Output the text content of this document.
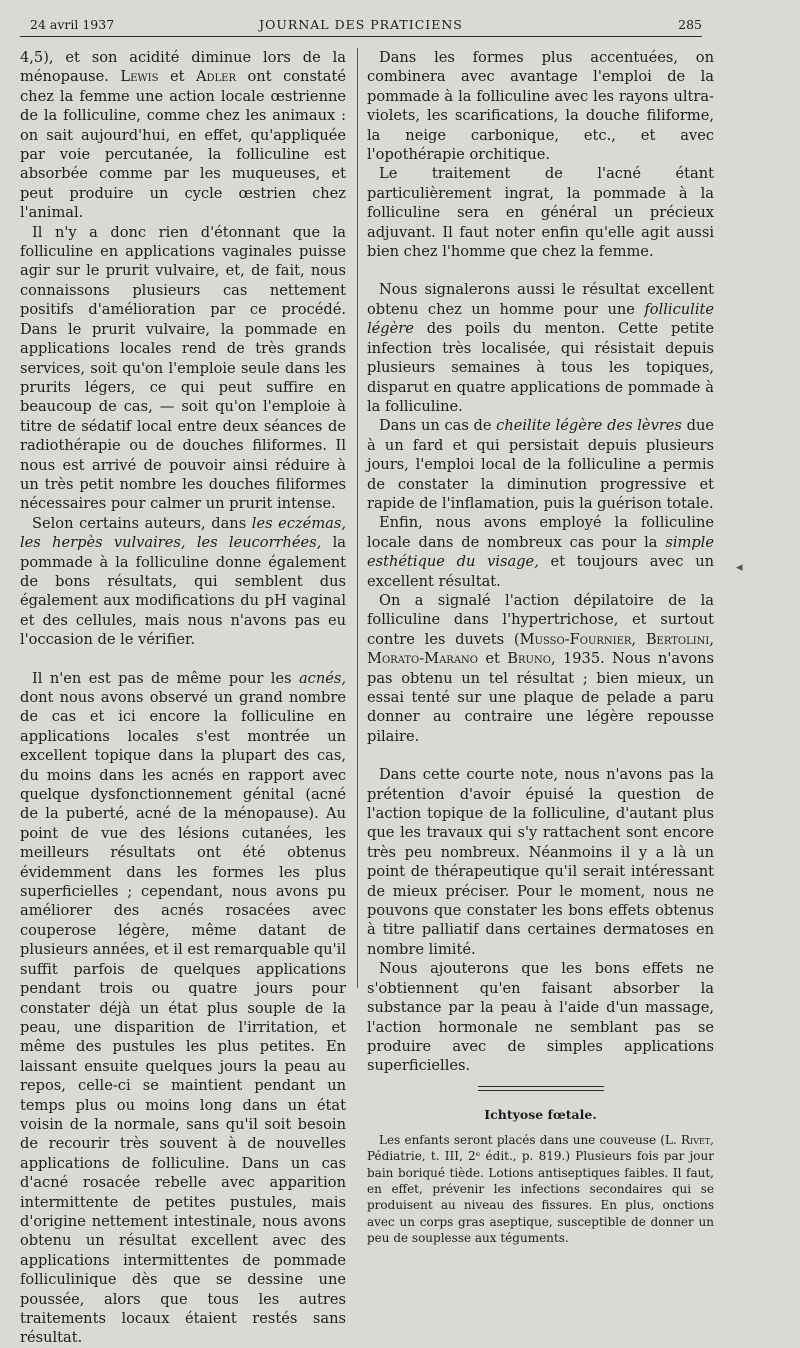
24 avril 1937	JOURNAL DES PRATICIENS	285

4,5), et son acidité diminue lors de la ménopause. Lewis et Adler ont constaté chez la femme une action locale œstrienne de la folliculine, comme chez les animaux : on sait aujourd'hui, en effet, qu'appliquée par voie percutanée, la folliculine est absorbée comme par les muqueuses, et peut produire un cycle œstrien chez l'animal.

Il n'y a donc rien d'étonnant que la folliculine en applications vaginales puisse agir sur le prurit vulvaire, et, de fait, nous connaissons plusieurs cas nettement positifs d'amélioration par ce procédé. Dans le prurit vulvaire, la pommade en applications locales rend de très grands services, soit qu'on l'emploie seule dans les prurits légers, ce qui peut suffire en beaucoup de cas, — soit qu'on l'emploie à titre de sédatif local entre deux séances de radiothérapie ou de douches filiformes. Il nous est arrivé de pouvoir ainsi réduire à un très petit nombre les douches filiformes nécessaires pour calmer un prurit intense.

Selon certains auteurs, dans les eczémas, les herpès vulvaires, les leucorrhées, la pommade à la folliculine donne également de bons résultats, qui semblent dus également aux modifications du pH vaginal et des cellules, mais nous n'avons pas eu l'occasion de le vérifier.

Il n'en est pas de même pour les acnés, dont nous avons observé un grand nombre de cas et ici encore la folliculine en applications locales s'est montrée un excellent topique dans la plupart des cas, du moins dans les acnés en rapport avec quelque dysfonctionnement génital (acné de la puberté, acné de la ménopause). Au point de vue des lésions cutanées, les meilleurs résultats ont été obtenus évidemment dans les formes les plus superficielles ; cependant, nous avons pu améliorer des acnés rosacées avec couperose légère, même datant de plusieurs années, et il est remarquable qu'il suffit parfois de quelques applications pendant trois ou quatre jours pour constater déjà un état plus souple de la peau, une disparition de l'irritation, et même des pustules les plus petites. En laissant ensuite quelques jours la peau au repos, celle-ci se maintient pendant un temps plus ou moins long dans un état voisin de la normale, sans qu'il soit besoin de recourir très souvent à de nouvelles applications de folliculine. Dans un cas d'acné rosacée rebelle avec apparition intermittente de petites pustules, mais d'origine nettement intestinale, nous avons obtenu un résultat excellent avec des applications intermittentes de pommade folliculinique dès que se dessine une poussée, alors que tous les autres traitements locaux étaient restés sans résultat.

Dans les formes plus accentuées, on combinera avec avantage l'emploi de la pommade à la folliculine avec les rayons ultra-violets, les scarifications, la douche filiforme, la neige carbonique, etc., et avec l'opothérapie orchitique.

Le traitement de l'acné étant particulièrement ingrat, la pommade à la folliculine sera en général un précieux adjuvant. Il faut noter enfin qu'elle agit aussi bien chez l'homme que chez la femme.

Nous signalerons aussi le résultat excellent obtenu chez un homme pour une folliculite légère des poils du menton. Cette petite infection très localisée, qui résistait depuis plusieurs semaines à tous les topiques, disparut en quatre applications de pommade à la folliculine.

Dans un cas de cheilite légère des lèvres due à un fard et qui persistait depuis plusieurs jours, l'emploi local de la folliculine a permis de constater la diminution progressive et rapide de l'inflamation, puis la guérison totale.

Enfin, nous avons employé la folliculine locale dans de nombreux cas pour la simple esthétique du visage, et toujours avec un excellent résultat.

On a signalé l'action dépilatoire de la folliculine dans l'hypertrichose, et surtout contre les duvets (Musso-Fournier, Bertolini, Morato-Marano et Bruno, 1935. Nous n'avons pas obtenu un tel résultat ; bien mieux, un essai tenté sur une plaque de pelade a paru donner au contraire une légère repousse pilaire.

Dans cette courte note, nous n'avons pas la prétention d'avoir épuisé la question de l'action topique de la folliculine, d'autant plus que les travaux qui s'y rattachent sont encore très peu nombreux. Néanmoins il y a là un point de thérapeutique qu'il serait intéressant de mieux préciser. Pour le moment, nous ne pouvons que constater les bons effets obtenus à titre palliatif dans certaines dermatoses en nombre limité.

Nous ajouterons que les bons effets ne s'obtiennent qu'en faisant absorber la substance par la peau à l'aide d'un massage, l'action hormonale ne semblant pas se produire avec de simples applications superficielles.

Ichtyose fœtale.

Les enfants seront placés dans une couveuse (L. Rivet, Pédiatrie, t. III, 2ᵉ édit., p. 819.) Plusieurs fois par jour bain boriqué tiède. Lotions antiseptiques faibles. Il faut, en effet, prévenir les infections secondaires qui se produisent au niveau des fissures. En plus, onctions avec un corps gras aseptique, susceptible de donner un peu de souplesse aux téguments.

◂
